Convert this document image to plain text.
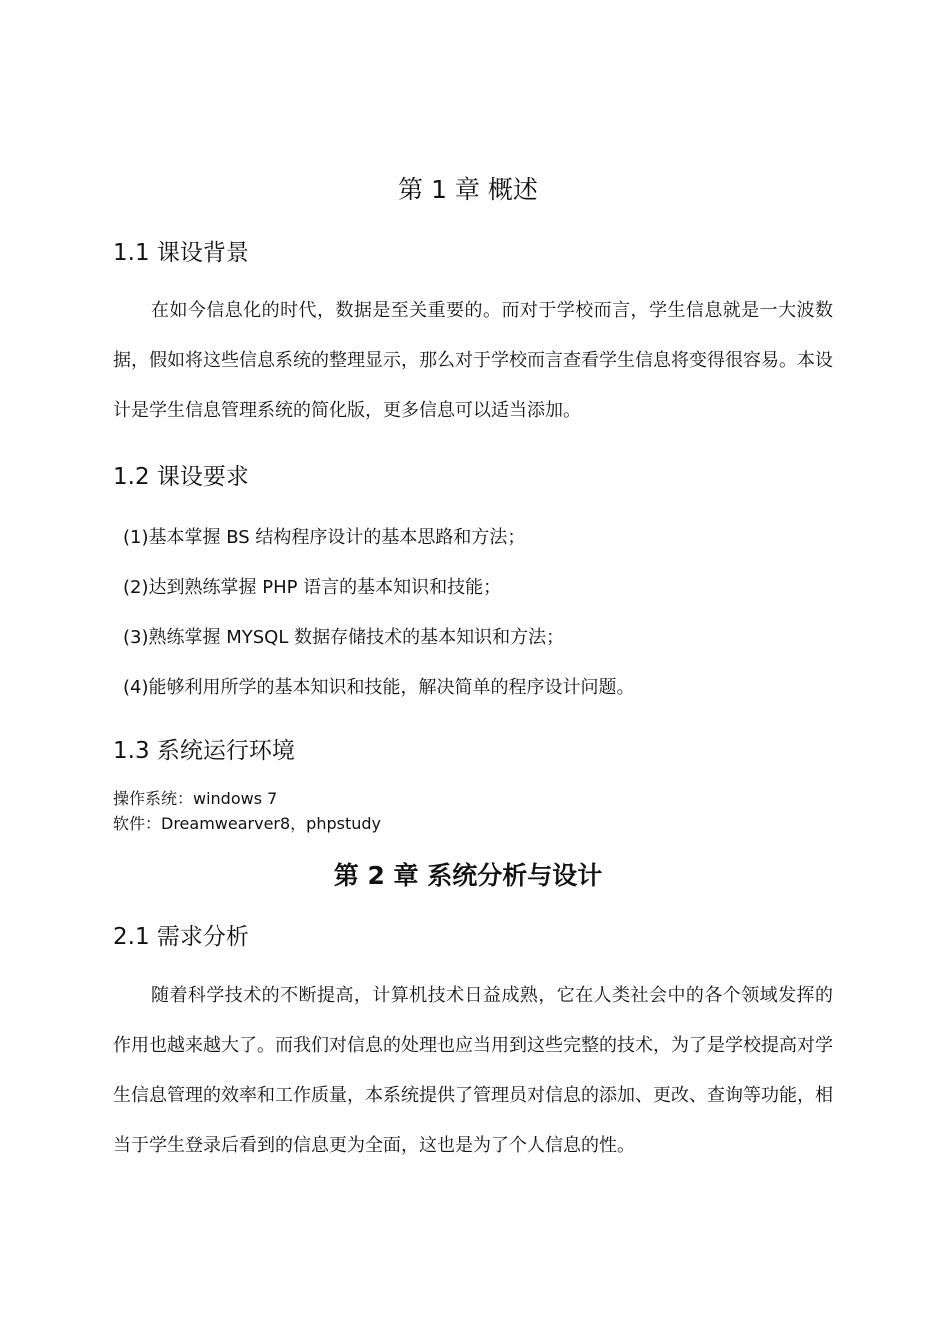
第 1 章 概述
1.1 课设背景
在如今信息化的时代，数据是至关重要的。而对于学校而言，学生信息就是一大波数据，假如将这些信息系统的整理显示，那么对于学校而言查看学生信息将变得很容易。本设计是学生信息管理系统的简化版，更多信息可以适当添加。
1.2 课设要求
(1)基本掌握 BS 结构程序设计的基本思路和方法；
(2)达到熟练掌握 PHP 语言的基本知识和技能；
(3)熟练掌握 MYSQL 数据存储技术的基本知识和方法；
(4)能够利用所学的基本知识和技能，解决简单的程序设计问题。
1.3 系统运行环境
操作系统：windows 7
软件：Dreamwearver8，phpstudy
第 2 章 系统分析与设计
2.1 需求分析
随着科学技术的不断提高，计算机技术日益成熟，它在人类社会中的各个领域发挥的作用也越来越大了。而我们对信息的处理也应当用到这些完整的技术，为了是学校提高对学生信息管理的效率和工作质量，本系统提供了管理员对信息的添加、更改、查询等功能，相当于学生登录后看到的信息更为全面，这也是为了个人信息的性。
